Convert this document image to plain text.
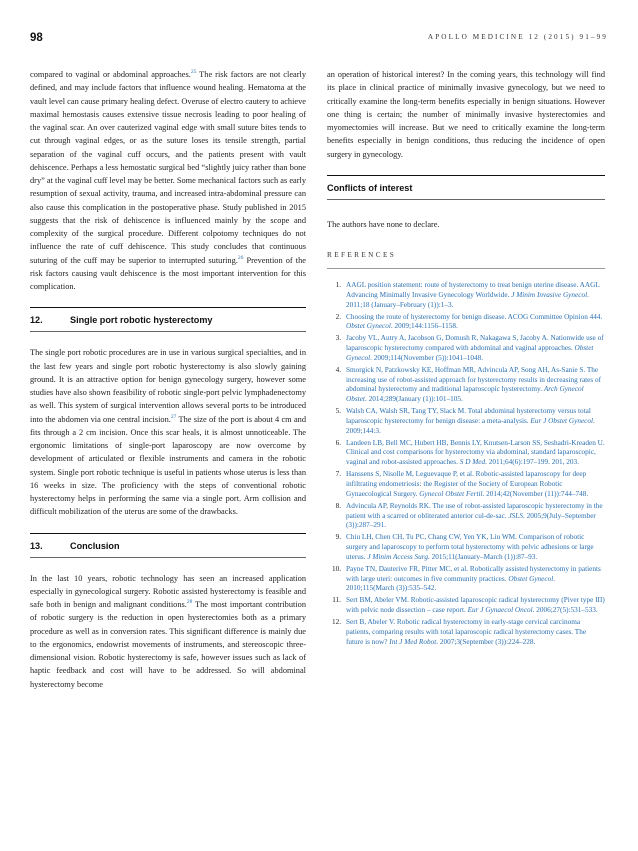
98	APOLLO MEDICINE 12 (2015) 91–99

compared to vaginal or abdominal approaches.$^{25}$ The risk factors are not clearly defined, and may include factors that influence wound healing. Hematoma at the vault level can cause primary healing defect. Overuse of electro cautery to achieve maximal hemostasis causes extensive tissue necrosis leading to poor healing of the vaginal scar. An over cauterized vaginal edge with small suture bites tends to cut through vaginal edges, or as the suture loses its tensile strength, partial separation of the vaginal cuff occurs, and the patients present with vault dehiscence. Perhaps a less hemostatic surgical bed “slightly juicy rather than bone dry” at the vaginal cuff level may be better. Some mechanical factors such as early resumption of sexual activity, trauma, and increased intra-abdominal pressure can also cause this complication in the postoperative phase. Study published in 2015 suggests that the risk of dehiscence is influenced mainly by the scope and complexity of the surgical procedure. Different colpotomy techniques do not influence the rate of cuff dehiscence. This study concludes that continuous suturing of the cuff may be superior to interrupted suturing.$^{26}$ Prevention of the risk factors causing vault dehiscence is the most important intervention for this complication.

12.	Single port robotic hysterectomy

The single port robotic procedures are in use in various surgical specialties, and in the last few years and single port robotic hysterectomy is also slowly gaining ground. It is an attractive option for benign gynecology surgery, however some studies have also shown feasibility of robotic single-port pelvic lymphadenectomy as well. This system of surgical intervention allows several ports to be introduced into the abdomen via one central incision.$^{27}$ The size of the port is about 4 cm and fits through a 2 cm incision. Once this scar heals, it is almost unnoticeable. The ergonomic limitations of single-port laparoscopy are now overcome by development of articulated or flexible instruments and camera in the robotic system. Single port robotic technique is useful in patients whose uterus is less than 16 weeks in size. The proficiency with the steps of conventional robotic hysterectomy helps in performing the same via a single port. Arm collision and difficult mobilization of the uterus are some of the drawbacks.

13.	Conclusion

In the last 10 years, robotic technology has seen an increased application especially in gynecological surgery. Robotic assisted hysterectomy is feasible and safe both in benign and malignant conditions.$^{28}$ The most important contribution of robotic surgery is the reduction in open hysterectomies both as a primary procedure as well as in conversion rates. This significant difference is mainly due to the ergonomics, endowrist movements of instruments, and stereoscopic three-dimensional vision. Robotic hysterectomy is safe, however issues such as lack of haptic feedback and cost will have to be addressed. So will abdominal hysterectomy become

an operation of historical interest? In the coming years, this technology will find its place in clinical practice of minimally invasive gynecology, but we need to critically examine the long-term benefits especially in benign situations. However one thing is certain; the number of minimally invasive hysterectomies and myomectomies will increase. But we need to critically examine the long-term benefits especially in benign conditions, thus reducing the incidence of open surgery in gynecology.

Conflicts of interest

The authors have none to declare.

REFERENCES
1. AAGL position statement: route of hysterectomy to treat benign uterine disease. AAGL Advancing Minimally Invasive Gynecology Worldwide. J Minim Invasive Gynecol. 2011;18 (January–February (1)):1–3.
2. Choosing the route of hysterectomy for benign disease. ACOG Committee Opinion 444. Obstet Gynecol. 2009;144:1156–1158.
3. Jacoby VL, Autry A, Jacobson G, Domush R, Nakagawa S, Jacoby A. Nationwide use of laparoscopic hysterectomy compared with abdominal and vaginal approaches. Obstet Gynecol. 2009;114(November (5)):1041–1048.
4. Smorgick N, Patzkowsky KE, Hoffman MR, Advincula AP, Song AH, As-Sanie S. The increasing use of robot-assisted approach for hysterectomy results in decreasing rates of abdominal hysterectomy and traditional laparoscopic hysterectomy. Arch Gynecol Obstet. 2014;289(January (1)):101–105.
5. Walsh CA, Walsh SR, Tang TY, Slack M. Total abdominal hysterectomy versus total laparoscopic hysterectomy for benign disease: a meta-analysis. Eur J Obstet Gynecol. 2009;144:3.
6. Landeen LB, Bell MC, Hubert HB, Bennis LY, Knutsen-Larson SS, Seshadri-Kreaden U. Clinical and cost comparisons for hysterectomy via abdominal, standard laparoscopic, vaginal and robot-assisted approaches. S D Med. 2011;64(6):197–199. 201, 203.
7. Hanssens S, Nisolle M, Leguevaque P, et al. Robotic-assisted laparoscopy for deep infiltrating endometriosis: the Register of the Society of European Robotic Gynaecological Surgery. Gynecol Obstet Fertil. 2014;42(November (11)):744–748.
8. Advincula AP, Reynolds RK. The use of robot-assisted laparoscopic hysterectomy in the patient with a scarred or obliterated anterior cul-de-sac. JSLS. 2005;9(July–September (3)):287–291.
9. Chiu LH, Chen CH, Tu PC, Chang CW, Yen YK, Liu WM. Comparison of robotic surgery and laparoscopy to perform total hysterectomy with pelvic adhesions or large uterus. J Minim Access Surg. 2015;11(January–March (1)):87–93.
10. Payne TN, Dauterive FR, Pitter MC, et al. Robotically assisted hysterectomy in patients with large uteri: outcomes in five community practices. Obstet Gynecol. 2010;115(March (3)):535–542.
11. Sert BM, Abeler VM. Robotic-assisted laparoscopic radical hysterectomy (Piver type III) with pelvic node dissection – case report. Eur J Gynaecol Oncol. 2006;27(5):531–533.
12. Sert B, Abeler V. Robotic radical hysterectomy in early-stage cervical carcinoma patients, comparing results with total laparoscopic radical hysterectomy cases. The future is now? Int J Med Robot. 2007;3(September (3)):224–228.
